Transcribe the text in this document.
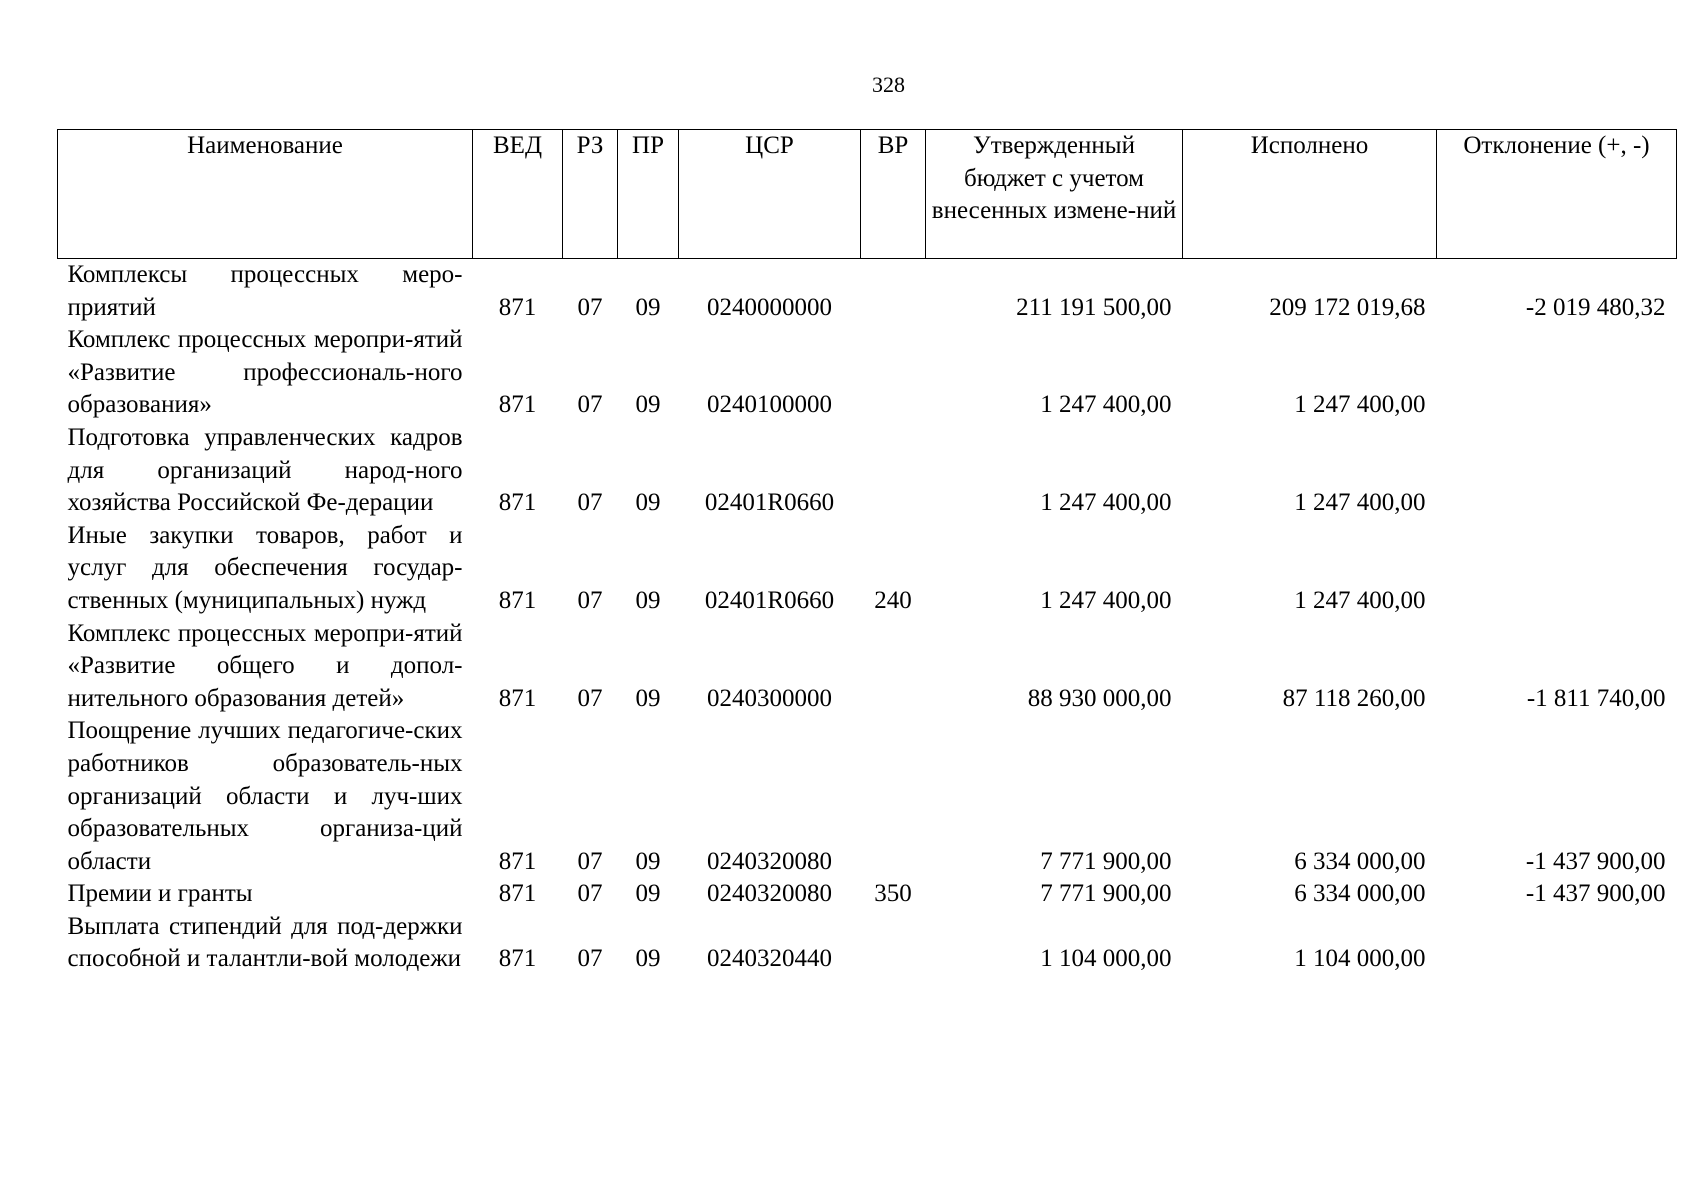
328
Наименование	ВЕД	РЗ	ПР	ЦСР	ВР	Утвержденный бюджет с учетом внесенных измене-ний	Исполнено	Отклонение (+, -)
Комплексы процессных меро-приятий	871	07	09	0240000000		211 191 500,00	209 172 019,68	-2 019 480,32
Комплекс процессных меропри-ятий «Развитие профессиональ-ного образования»	871	07	09	0240100000		1 247 400,00	1 247 400,00	
Подготовка управленческих кадров для организаций народ-ного хозяйства Российской Фе-дерации	871	07	09	02401R0660		1 247 400,00	1 247 400,00	
Иные закупки товаров, работ и услуг для обеспечения государ-ственных (муниципальных) нужд	871	07	09	02401R0660	240	1 247 400,00	1 247 400,00	
Комплекс процессных меропри-ятий «Развитие общего и допол-нительного образования детей»	871	07	09	0240300000		88 930 000,00	87 118 260,00	-1 811 740,00
Поощрение лучших педагогиче-ских работников образователь-ных организаций области и луч-ших образовательных организа-ций области	871	07	09	0240320080		7 771 900,00	6 334 000,00	-1 437 900,00
Премии и гранты	871	07	09	0240320080	350	7 771 900,00	6 334 000,00	-1 437 900,00
Выплата стипендий для под-держки способной и талантли-вой молодежи	871	07	09	0240320440		1 104 000,00	1 104 000,00	
